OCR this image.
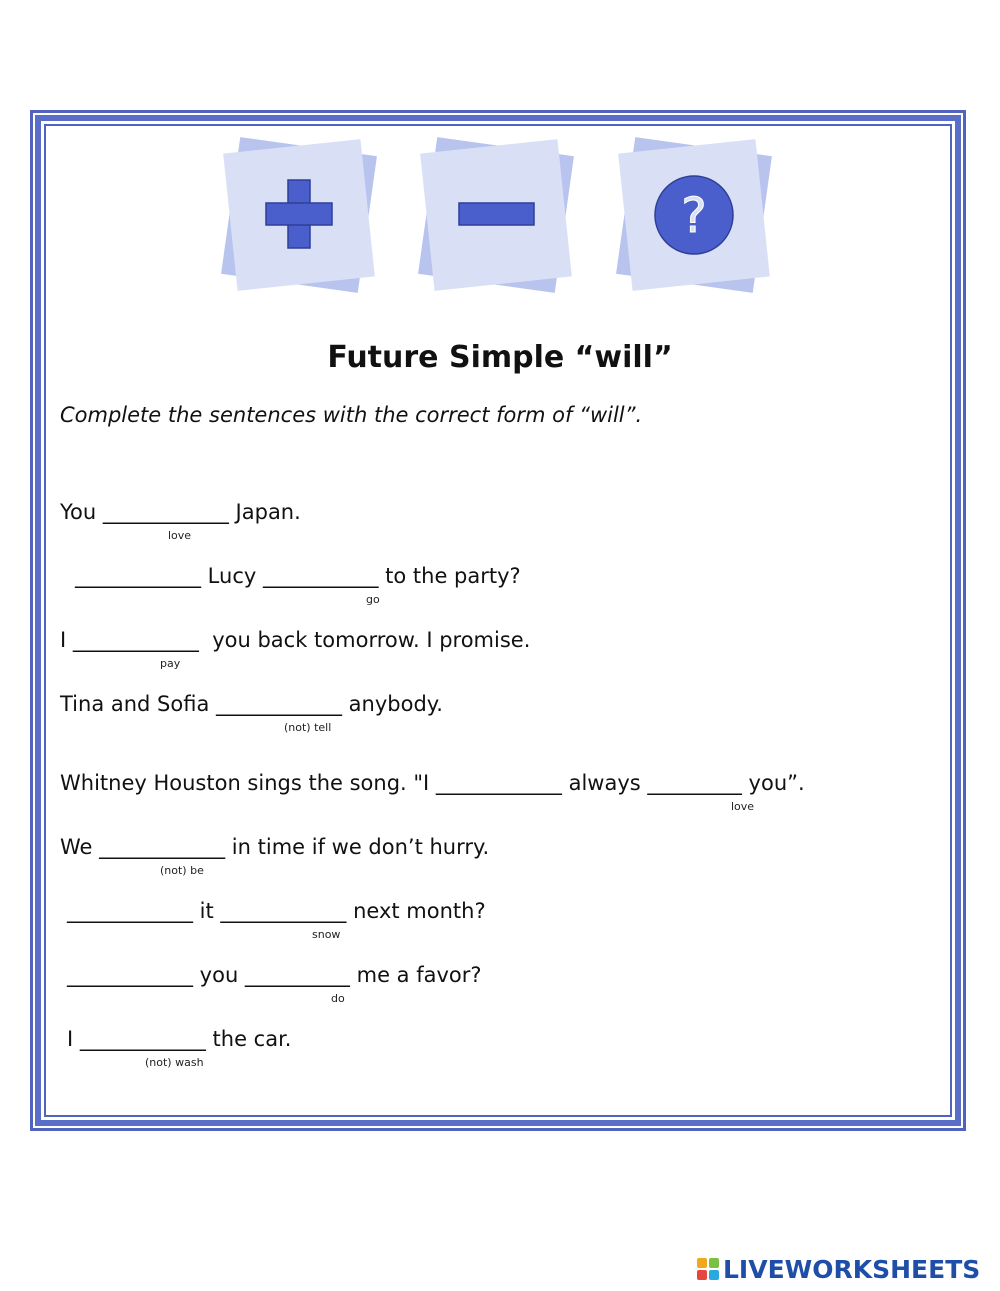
?
Future Simple “will”
Complete the sentences with the correct form of “will”.
You ____________ Japan.
love
____________ Lucy ___________ to the party?
go
I ____________  you back tomorrow. I promise.
pay
Tina and Sofia ____________ anybody.
(not) tell
Whitney Houston sings the song. "I ____________ always _________ you”.
love
We ____________ in time if we don’t hurry.
(not) be
____________ it ____________ next month?
snow
____________ you __________ me a favor?
do
I ____________ the car.
(not) wash
LIVEWORKSHEETS
